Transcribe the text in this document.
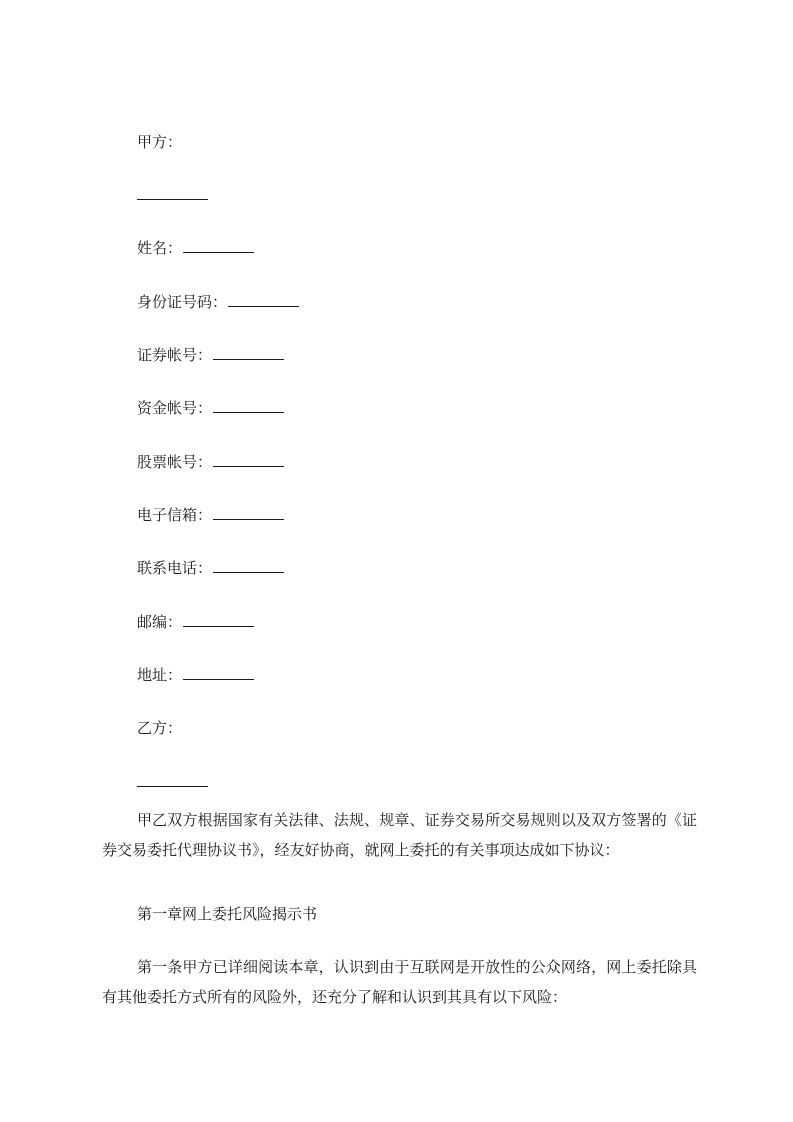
甲方：
姓名：
身份证号码：
证券帐号：
资金帐号：
股票帐号：
电子信箱：
联系电话：
邮编：
地址：
乙方：

甲乙双方根据国家有关法律、法规、规章、证券交易所交易规则以及双方签署的《证券交易委托代理协议书》，经友好协商，就网上委托的有关事项达成如下协议：

第一章网上委托风险揭示书

第一条甲方已详细阅读本章，认识到由于互联网是开放性的公众网络，网上委托除具有其他委托方式所有的风险外，还充分了解和认识到其具有以下风险：
